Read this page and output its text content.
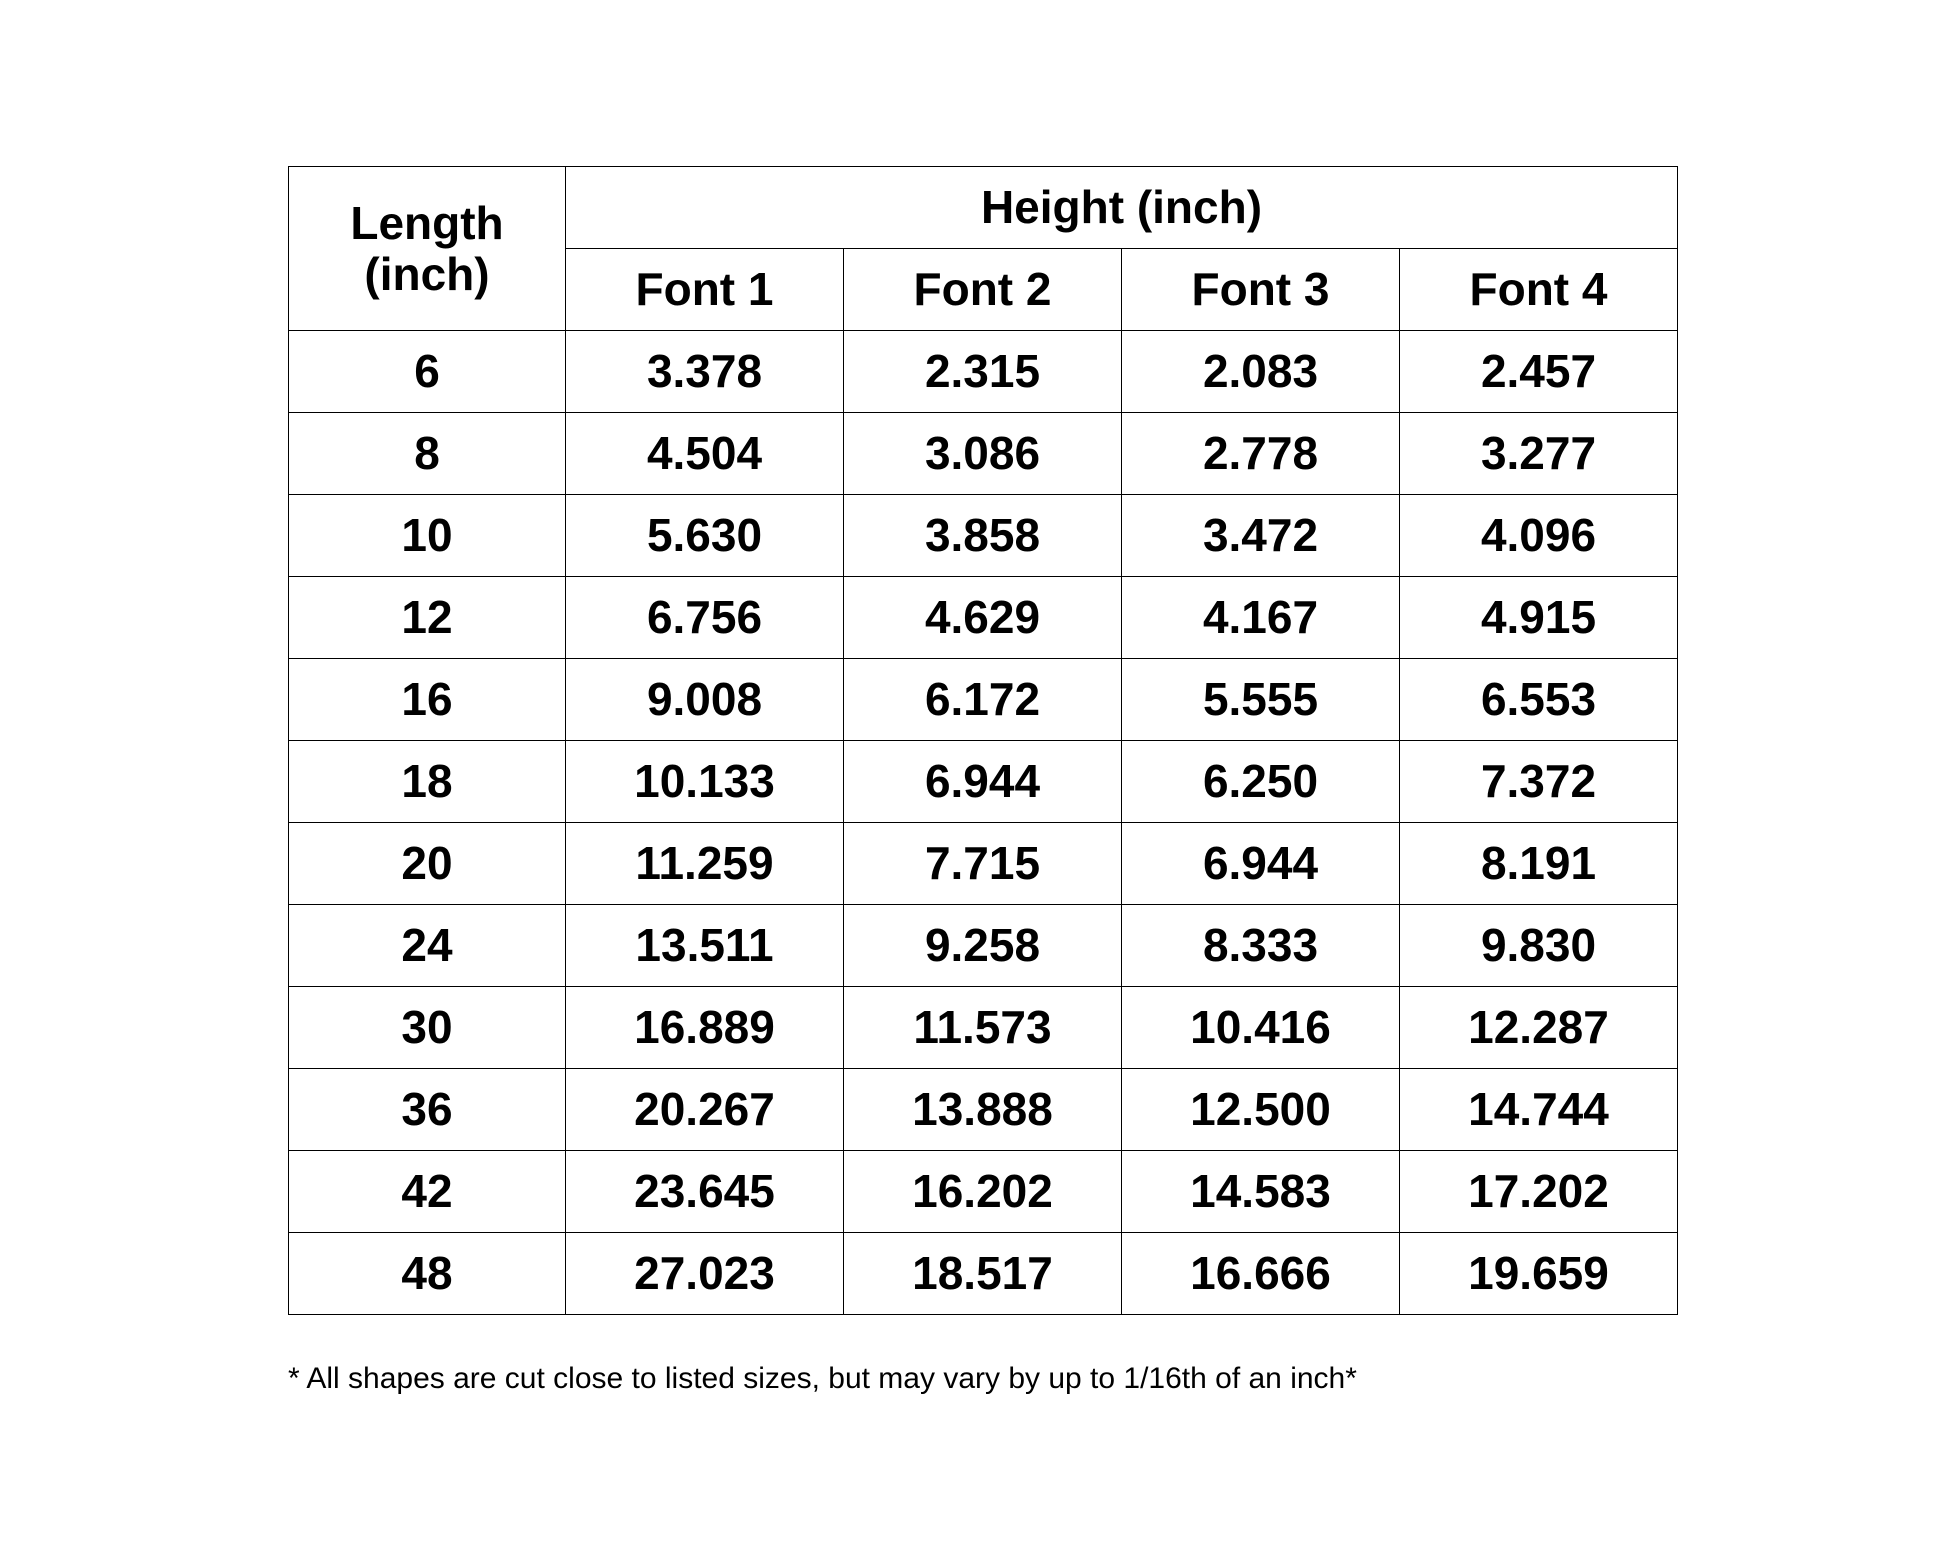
Length
(inch)	Height (inch)			
	Font 1	Font 2	Font 3	Font 4
6	3.378	2.315	2.083	2.457
8	4.504	3.086	2.778	3.277
10	5.630	3.858	3.472	4.096
12	6.756	4.629	4.167	4.915
16	9.008	6.172	5.555	6.553
18	10.133	6.944	6.250	7.372
20	11.259	7.715	6.944	8.191
24	13.511	9.258	8.333	9.830
30	16.889	11.573	10.416	12.287
36	20.267	13.888	12.500	14.744
42	23.645	16.202	14.583	17.202
48	27.023	18.517	16.666	19.659
* All shapes are cut close to listed sizes, but may vary by up to 1/16th of an inch*
